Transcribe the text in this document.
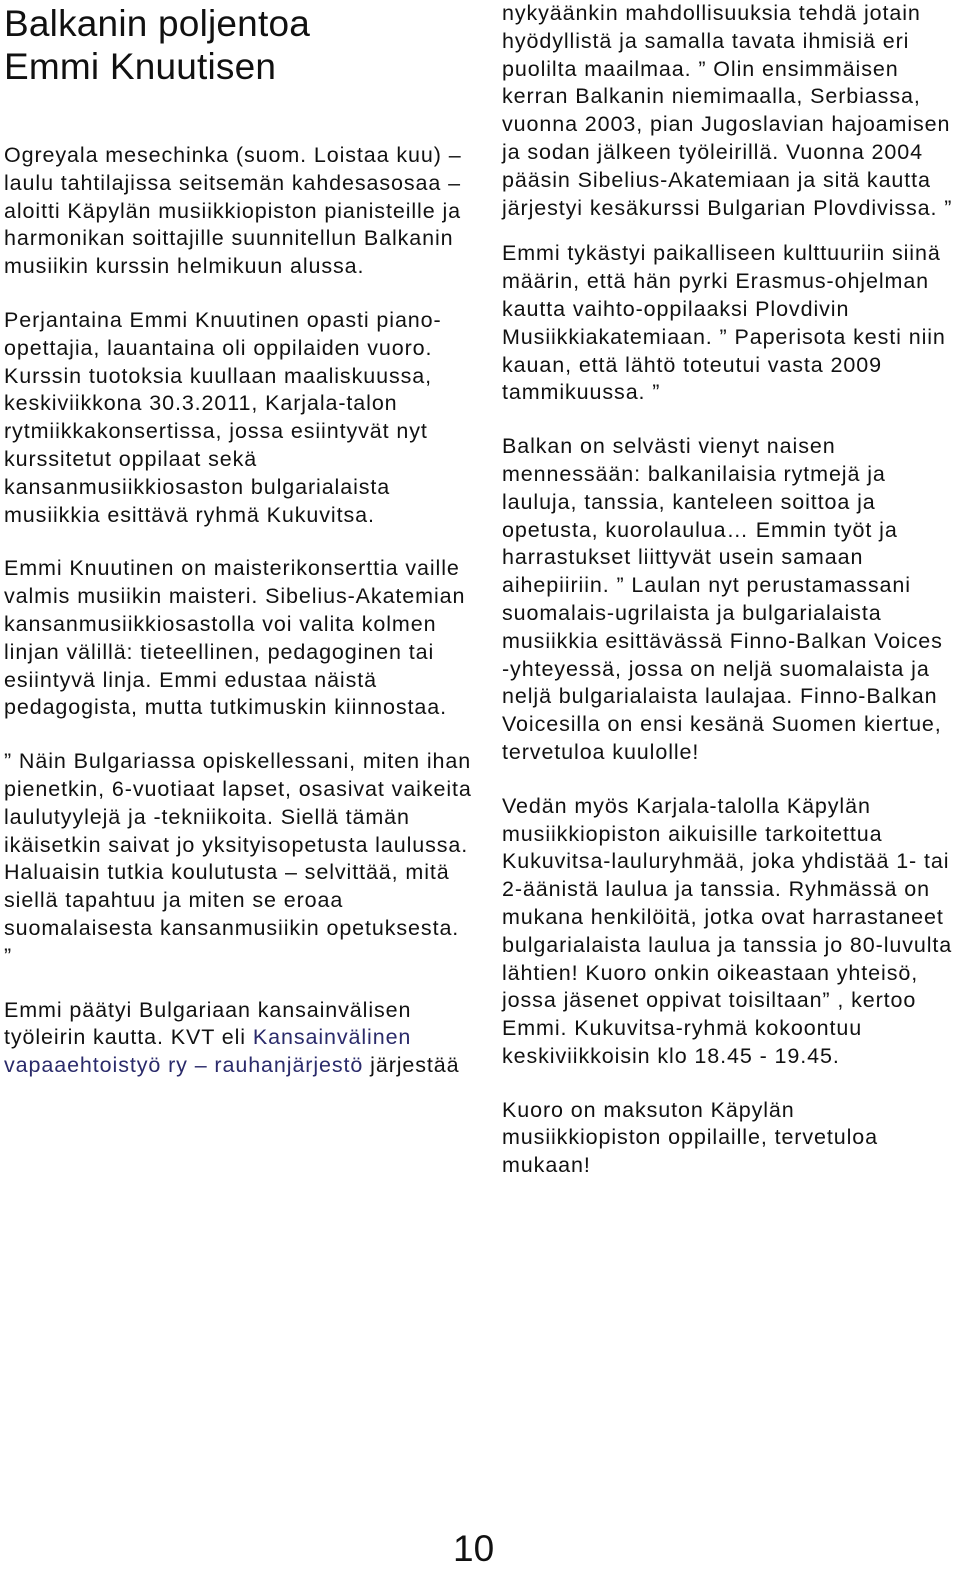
Balkanin poljentoa
Emmi Knuutisen

Ogreyala mesechinka (suom. Loistaa kuu) – laulu tahtilajissa seitsemän kahdesasosaa – aloitti Käpylän musiikkiopiston pianisteille ja harmonikan soittajille suunnitellun Balkanin musiikin kurssin helmikuun alussa.

Perjantaina Emmi Knuutinen opasti piano-opettajia, lauantaina oli oppilaiden vuoro. Kurssin tuotoksia kuullaan maaliskuussa, keskiviikkona 30.3.2011, Karjala-talon rytmiikkakonsertissa, jossa esiintyvät nyt kurssitetut oppilaat sekä kansanmusiikkiosaston bulgarialaista musiikkia esittävä ryhmä Kukuvitsa.

Emmi Knuutinen on maisterikonserttia vaille valmis musiikin maisteri. Sibelius-Akatemian kansanmusiikkiosastolla voi valita kolmen linjan välillä: tieteellinen, pedagoginen tai esiintyvä linja. Emmi edustaa näistä pedagogista, mutta tutkimuskin kiinnostaa.

” Näin Bulgariassa opiskellessani, miten ihan pienetkin, 6-vuotiaat lapset, osasivat vaikeita laulutyylejä ja -tekniikoita. Siellä tämän ikäisetkin saivat jo yksityisopetusta laulussa. Haluaisin tutkia koulutusta – selvittää, mitä siellä tapahtuu ja miten se eroaa suomalaisesta kansanmusiikin opetuksesta. ”

Emmi päätyi Bulgariaan kansainvälisen työleirin kautta. KVT eli Kansainvälinen vapaaehtoistyö ry – rauhanjärjestö järjestää

nykyäänkin mahdollisuuksia tehdä jotain hyödyllistä ja samalla tavata ihmisiä eri puolilta maailmaa. ” Olin ensimmäisen kerran Balkanin niemimaalla, Serbiassa, vuonna 2003, pian Jugoslavian hajoamisen ja sodan jälkeen työleirillä. Vuonna 2004 pääsin Sibelius-Akatemiaan ja sitä kautta järjestyi kesäkurssi Bulgarian Plovdivissa. ”

Emmi tykästyi paikalliseen kulttuuriin siinä määrin, että hän pyrki Erasmus-ohjelman kautta vaihto-oppilaaksi Plovdivin Musiikkiakatemiaan. ” Paperisota kesti niin kauan, että lähtö toteutui vasta 2009 tammikuussa. ”

Balkan on selvästi vienyt naisen mennessään: balkanilaisia rytmejä ja lauluja, tanssia, kanteleen soittoa ja opetusta, kuorolaulua… Emmin työt ja harrastukset liittyvät usein samaan aihepiiriin. ” Laulan nyt perustamassani suomalais-ugrilaista ja bulgarialaista musiikkia esittävässä Finno-Balkan Voices -yhteyessä, jossa on neljä suomalaista ja neljä bulgarialaista laulajaa. Finno-Balkan Voicesilla on ensi kesänä Suomen kiertue, tervetuloa kuulolle!

Vedän myös Karjala-talolla Käpylän musiikkiopiston aikuisille tarkoitettua Kukuvitsa-lauluryhmää, joka yhdistää 1- tai 2-äänistä laulua ja tanssia. Ryhmässä on mukana henkilöitä, jotka ovat harrastaneet bulgarialaista laulua ja tanssia jo 80-luvulta lähtien! Kuoro onkin oikeastaan yhteisö, jossa jäsenet oppivat toisiltaan” , kertoo Emmi. Kukuvitsa-ryhmä kokoontuu keskiviikkoisin klo 18.45 - 19.45.

Kuoro on maksuton Käpylän musiikkiopiston oppilaille, tervetuloa mukaan!

10
